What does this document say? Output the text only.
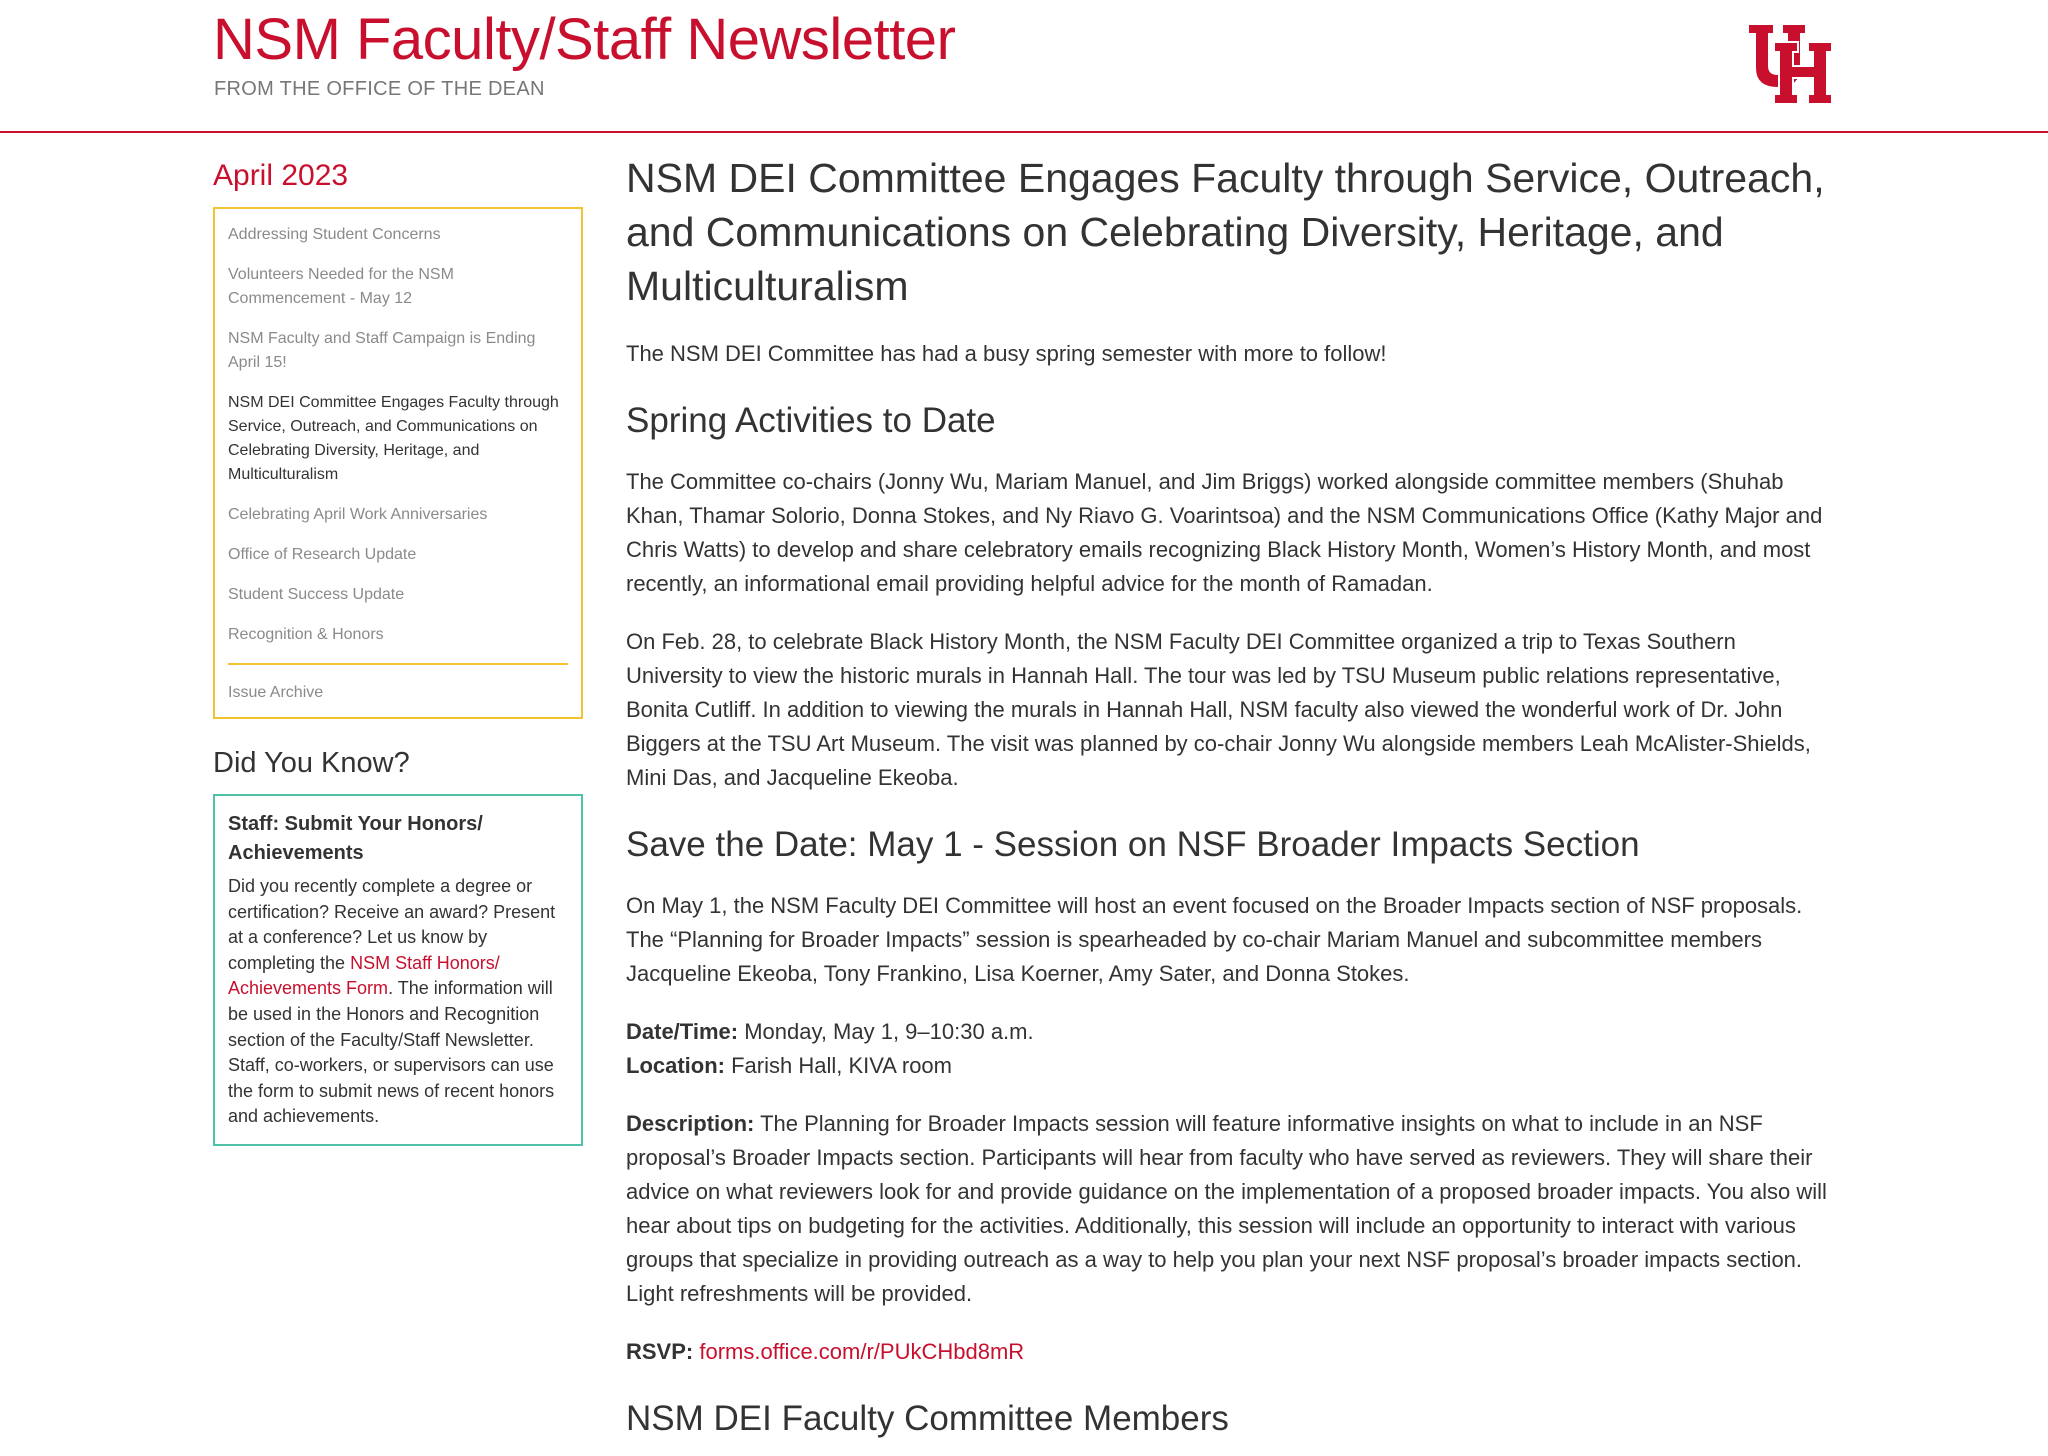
NSM Faculty/Staff Newsletter
FROM THE OFFICE OF THE DEAN
UH
April 2023
Addressing Student Concerns
Volunteers Needed for the NSM Commencement - May 12
NSM Faculty and Staff Campaign is Ending April 15!
NSM DEI Committee Engages Faculty through Service, Outreach, and Communications on Celebrating Diversity, Heritage, and Multiculturalism
Celebrating April Work Anniversaries
Office of Research Update
Student Success Update
Recognition & Honors
Issue Archive
Did You Know?
Staff: Submit Your Honors/ Achievements
Did you recently complete a degree or certification? Receive an award? Present at a conference? Let us know by completing the NSM Staff Honors/ Achievements Form. The information will be used in the Honors and Recognition section of the Faculty/Staff Newsletter. Staff, co-workers, or supervisors can use the form to submit news of recent honors and achievements.
NSM DEI Committee Engages Faculty through Service, Outreach, and Communications on Celebrating Diversity, Heritage, and Multiculturalism

The NSM DEI Committee has had a busy spring semester with more to follow!

Spring Activities to Date

The Committee co-chairs (Jonny Wu, Mariam Manuel, and Jim Briggs) worked alongside committee members (Shuhab Khan, Thamar Solorio, Donna Stokes, and Ny Riavo G. Voarintsoa) and the NSM Communications Office (Kathy Major and Chris Watts) to develop and share celebratory emails recognizing Black History Month, Women’s History Month, and most recently, an informational email providing helpful advice for the month of Ramadan.

On Feb. 28, to celebrate Black History Month, the NSM Faculty DEI Committee organized a trip to Texas Southern University to view the historic murals in Hannah Hall. The tour was led by TSU Museum public relations representative, Bonita Cutliff. In addition to viewing the murals in Hannah Hall, NSM faculty also viewed the wonderful work of Dr. John Biggers at the TSU Art Museum. The visit was planned by co-chair Jonny Wu alongside members Leah McAlister-Shields, Mini Das, and Jacqueline Ekeoba.

Save the Date: May 1 - Session on NSF Broader Impacts Section

On May 1, the NSM Faculty DEI Committee will host an event focused on the Broader Impacts section of NSF proposals. The “Planning for Broader Impacts” session is spearheaded by co-chair Mariam Manuel and subcommittee members Jacqueline Ekeoba, Tony Frankino, Lisa Koerner, Amy Sater, and Donna Stokes.

Date/Time: Monday, May 1, 9–10:30 a.m.
Location: Farish Hall, KIVA room

Description: The Planning for Broader Impacts session will feature informative insights on what to include in an NSF proposal’s Broader Impacts section. Participants will hear from faculty who have served as reviewers. They will share their advice on what reviewers look for and provide guidance on the implementation of a proposed broader impacts. You also will hear about tips on budgeting for the activities. Additionally, this session will include an opportunity to interact with various groups that specialize in providing outreach as a way to help you plan your next NSF proposal’s broader impacts section. Light refreshments will be provided.

RSVP: forms.office.com/r/PUkCHbd8mR

NSM DEI Faculty Committee Members
